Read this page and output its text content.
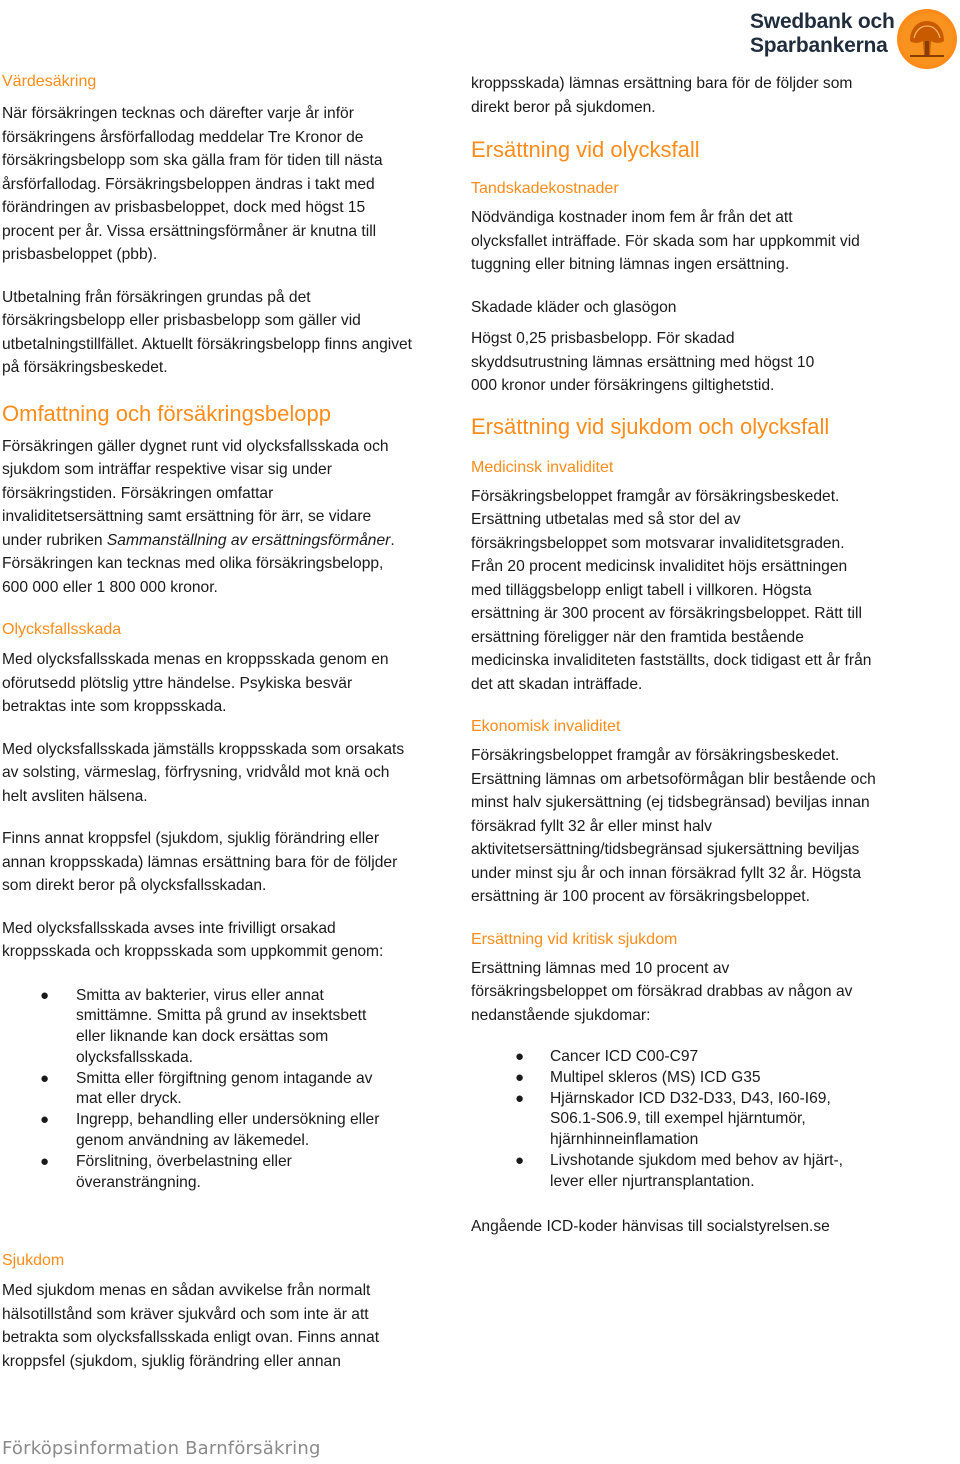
Swedbank och
Sparbankerna
Värdesäkring

När försäkringen tecknas och därefter varje år inför försäkringens årsförfallodag meddelar Tre Kronor de försäkringsbelopp som ska gälla fram för tiden till nästa årsförfallodag. Försäkringsbeloppen ändras i takt med förändringen av prisbasbeloppet, dock med högst 15 procent per år. Vissa ersättningsförmåner är knutna till prisbasbeloppet (pbb).

Utbetalning från försäkringen grundas på det försäkringsbelopp eller prisbasbelopp som gäller vid utbetalningstillfället. Aktuellt försäkringsbelopp finns angivet på försäkringsbeskedet.

Omfattning och försäkringsbelopp

Försäkringen gäller dygnet runt vid olycksfallsskada och sjukdom som inträffar respektive visar sig under försäkringstiden. Försäkringen omfattar invaliditetsersättning samt ersättning för ärr, se vidare under rubriken Sammanställning av ersättningsförmåner. Försäkringen kan tecknas med olika försäkringsbelopp, 600 000 eller 1 800 000 kronor.

Olycksfallsskada

Med olycksfallsskada menas en kroppsskada genom en oförutsedd plötslig yttre händelse. Psykiska besvär betraktas inte som kroppsskada.

Med olycksfallsskada jämställs kroppsskada som orsakats av solsting, värmeslag, förfrysning, vridvåld mot knä och helt avsliten hälsena.

Finns annat kroppsfel (sjukdom, sjuklig förändring eller annan kroppsskada) lämnas ersättning bara för de följder som direkt beror på olycksfallsskadan.

Med olycksfallsskada avses inte frivilligt orsakad kroppsskada och kroppsskada som uppkommit genom:

● Smitta av bakterier, virus eller annat smittämne. Smitta på grund av insektsbett eller liknande kan dock ersättas som olycksfallsskada.
● Smitta eller förgiftning genom intagande av mat eller dryck.
● Ingrepp, behandling eller undersökning eller genom användning av läkemedel.
● Förslitning, överbelastning eller överansträngning.
Sjukdom

Med sjukdom menas en sådan avvikelse från normalt hälsotillstånd som kräver sjukvård och som inte är att betrakta som olycksfallsskada enligt ovan. Finns annat kroppsfel (sjukdom, sjuklig förändring eller annan

kroppsskada) lämnas ersättning bara för de följder som direkt beror på sjukdomen.

Ersättning vid olycksfall
Tandskadekostnader

Nödvändiga kostnader inom fem år från det att olycksfallet inträffade. För skada som har uppkommit vid tuggning eller bitning lämnas ingen ersättning.

Skadade kläder och glasögon

Högst 0,25 prisbasbelopp. För skadad skyddsutrustning lämnas ersättning med högst 10 000 kronor under försäkringens giltighetstid.

Ersättning vid sjukdom och olycksfall
Medicinsk invaliditet

Försäkringsbeloppet framgår av försäkringsbeskedet. Ersättning utbetalas med så stor del av försäkringsbeloppet som motsvarar invaliditetsgraden. Från 20 procent medicinsk invaliditet höjs ersättningen med tilläggsbelopp enligt tabell i villkoren. Högsta ersättning är 300 procent av försäkringsbeloppet. Rätt till ersättning föreligger när den framtida bestående medicinska invaliditeten fastställts, dock tidigast ett år från det att skadan inträffade.

Ekonomisk invaliditet

Försäkringsbeloppet framgår av försäkringsbeskedet. Ersättning lämnas om arbetsoförmågan blir bestående och minst halv sjukersättning (ej tidsbegränsad) beviljas innan försäkrad fyllt 32 år eller minst halv aktivitetsersättning/tidsbegränsad sjukersättning beviljas under minst sju år och innan försäkrad fyllt 32 år. Högsta ersättning är 100 procent av försäkringsbeloppet.

Ersättning vid kritisk sjukdom

Ersättning lämnas med 10 procent av försäkringsbeloppet om försäkrad drabbas av någon av nedanstående sjukdomar:

● Cancer ICD C00-C97
● Multipel skleros (MS) ICD G35
● Hjärnskador ICD D32-D33, D43, I60-I69, S06.1-S06.9, till exempel hjärntumör, hjärnhinneinflamation
● Livshotande sjukdom med behov av hjärt-, lever eller njurtransplantation.

Angående ICD-koder hänvisas till socialstyrelsen.se

Förköpsinformation Barnförsäkring
